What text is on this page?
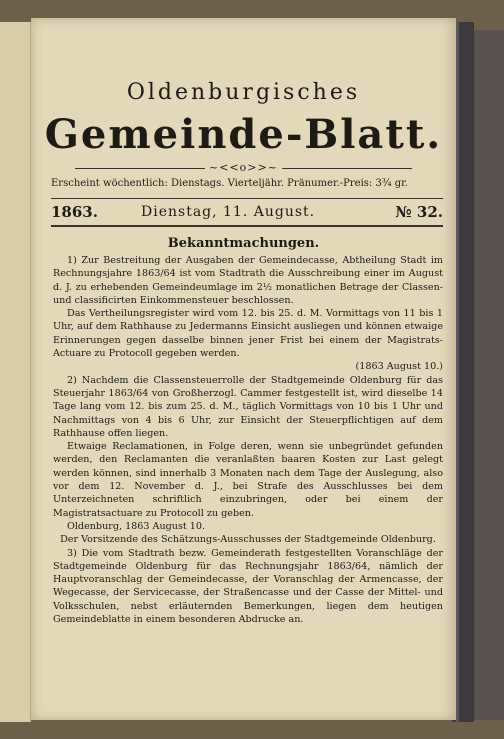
Oldenburgisches
Gemeinde-Blatt.
~<<o>>~
Erscheint wöchentlich: Dienstags. Vierteljähr. Pränumer.-Preis: 3¾ gr.
1863.	Dienstag, 11. August.	№ 32.
Bekanntmachungen.

1) Zur Bestreitung der Ausgaben der Gemeindecasse, Abtheilung Stadt im Rechnungsjahre 1863/64 ist vom Stadtrath die Ausschreibung einer im August d. J. zu erhebenden Gemeindeumlage im 2½ monatlichen Betrage der Classen- und classificirten Einkommensteuer beschlossen.

Das Vertheilungsregister wird vom 12. bis 25. d. M. Vormittags von 11 bis 1 Uhr, auf dem Rathhause zu Jedermanns Einsicht ausliegen und können etwaige Erinnerungen gegen dasselbe binnen jener Frist bei einem der Magistrats-Actuare zu Protocoll gegeben werden.

(1863 August 10.)

2) Nachdem die Classensteuerrolle der Stadtgemeinde Oldenburg für das Steuerjahr 1863/64 von Großherzogl. Cammer festgestellt ist, wird dieselbe 14 Tage lang vom 12. bis zum 25. d. M., täglich Vormittags von 10 bis 1 Uhr und Nachmittags von 4 bis 6 Uhr, zur Einsicht der Steuerpflichtigen auf dem Rathhause offen liegen.

Etwaige Reclamationen, in Folge deren, wenn sie unbegründet gefunden werden, den Reclamanten die veranlaßten baaren Kosten zur Last gelegt werden können, sind innerhalb 3 Monaten nach dem Tage der Auslegung, also vor dem 12. November d. J., bei Strafe des Ausschlusses bei dem Unterzeichneten schriftlich einzubringen, oder bei einem der Magistratsactuare zu Protocoll zu geben.

Oldenburg, 1863 August 10.

Der Vorsitzende des Schätzungs-Ausschusses der Stadtgemeinde Oldenburg.

3) Die vom Stadtrath bezw. Gemeinderath festgestellten Voranschläge der Stadtgemeinde Oldenburg für das Rechnungsjahr 1863/64, nämlich der Hauptvoranschlag der Gemeindecasse, der Voranschlag der Armencasse, der Wegecasse, der Servicecasse, der Straßencasse und der Casse der Mittel- und Volksschulen, nebst erläuternden Bemerkungen, liegen dem heutigen Gemeindeblatte in einem besonderen Abdrucke an.
